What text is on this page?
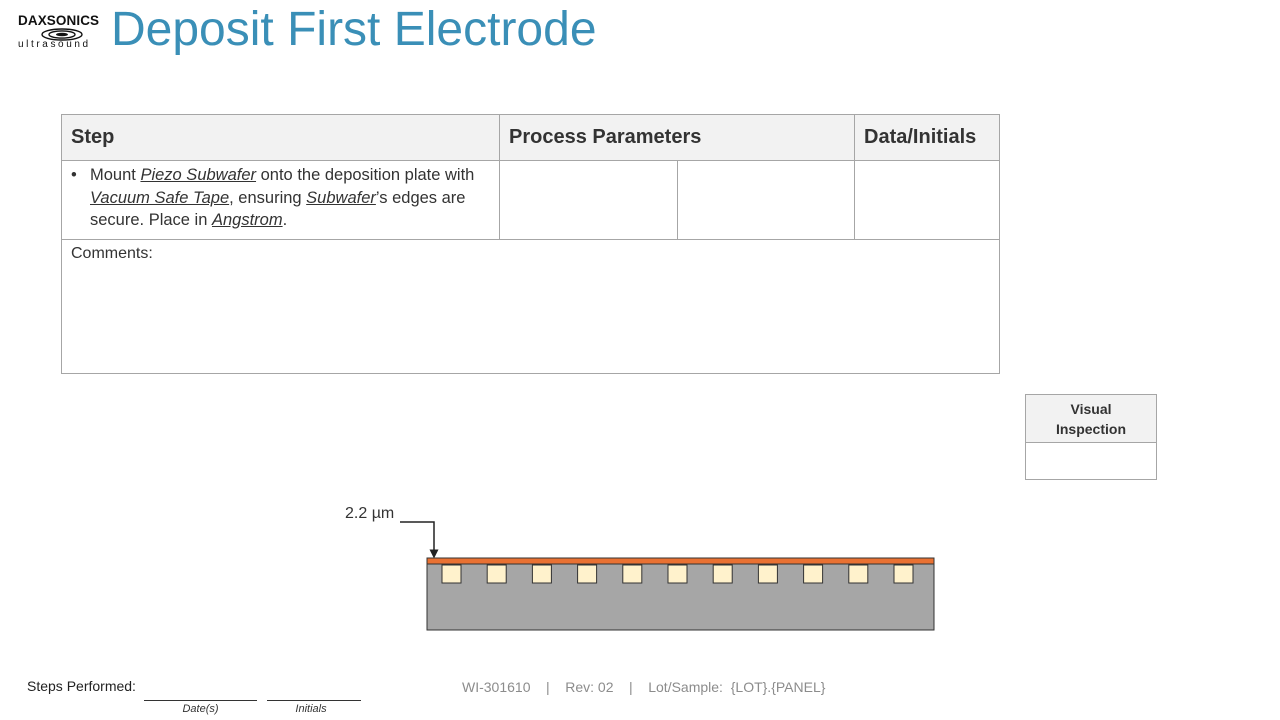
DAXSONICS
ultrasound Deposit First Electrode
Step	Process Parameters		Data/Initials

• Mount Piezo Subwafer onto the deposition plate with Vacuum Safe Tape, ensuring Subwafer’s edges are secure. Place in Angstrom.			

Comments:			
Visual Inspection
2.2 µm
Steps Performed:
Date(s)	Initials
WI-301610    |    Rev: 02    |    Lot/Sample:  {LOT}.{PANEL}
